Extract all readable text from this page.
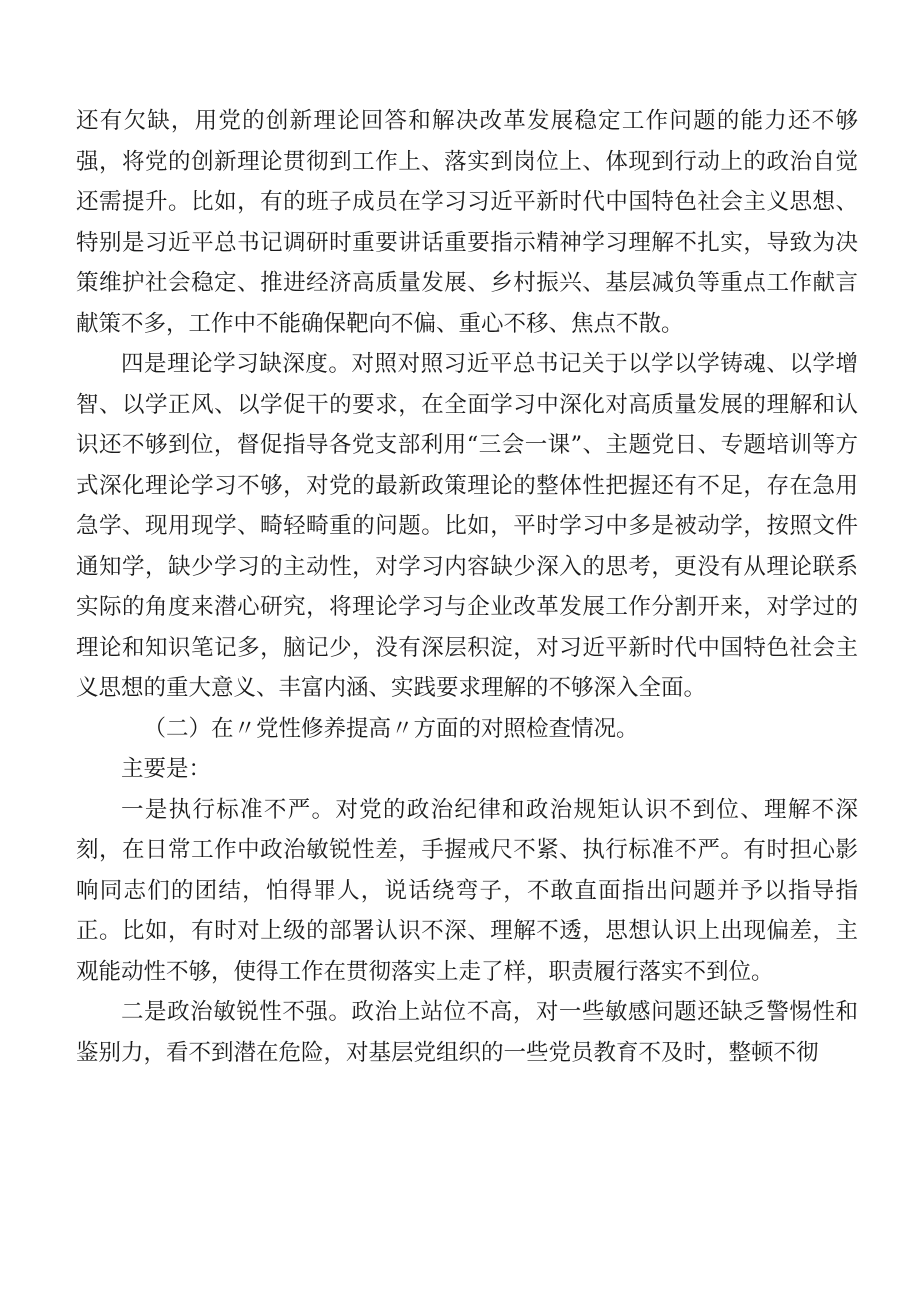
还有欠缺，用党的创新理论回答和解决改革发展稳定工作问题的能力还不够强，将党的创新理论贯彻到工作上、落实到岗位上、体现到行动上的政治自觉还需提升。比如，有的班子成员在学习习近平新时代中国特色社会主义思想、特别是习近平总书记调研时重要讲话重要指示精神学习理解不扎实，导致为决策维护社会稳定、推进经济高质量发展、乡村振兴、基层减负等重点工作献言献策不多，工作中不能确保靶向不偏、重心不移、焦点不散。

四是理论学习缺深度。对照对照习近平总书记关于以学以学铸魂、以学增智、以学正风、以学促干的要求，在全面学习中深化对高质量发展的理解和认识还不够到位，督促指导各党支部利用“三会一课”、主题党日、专题培训等方式深化理论学习不够，对党的最新政策理论的整体性把握还有不足，存在急用急学、现用现学、畸轻畸重的问题。比如，平时学习中多是被动学，按照文件通知学，缺少学习的主动性，对学习内容缺少深入的思考，更没有从理论联系实际的角度来潜心研究，将理论学习与企业改革发展工作分割开来，对学过的理论和知识笔记多，脑记少，没有深层积淀，对习近平新时代中国特色社会主义思想的重大意义、丰富内涵、实践要求理解的不够深入全面。

（二）在〃党性修养提高〃方面的对照检查情况。

主要是：

一是执行标准不严。对党的政治纪律和政治规矩认识不到位、理解不深刻，在日常工作中政治敏锐性差，手握戒尺不紧、执行标准不严。有时担心影响同志们的团结，怕得罪人，说话绕弯子，不敢直面指出问题并予以指导指正。比如，有时对上级的部署认识不深、理解不透，思想认识上出现偏差，主观能动性不够，使得工作在贯彻落实上走了样，职责履行落实不到位。

二是政治敏锐性不强。政治上站位不高，对一些敏感问题还缺乏警惕性和鉴别力，看不到潜在危险，对基层党组织的一些党员教育不及时，整顿不彻
